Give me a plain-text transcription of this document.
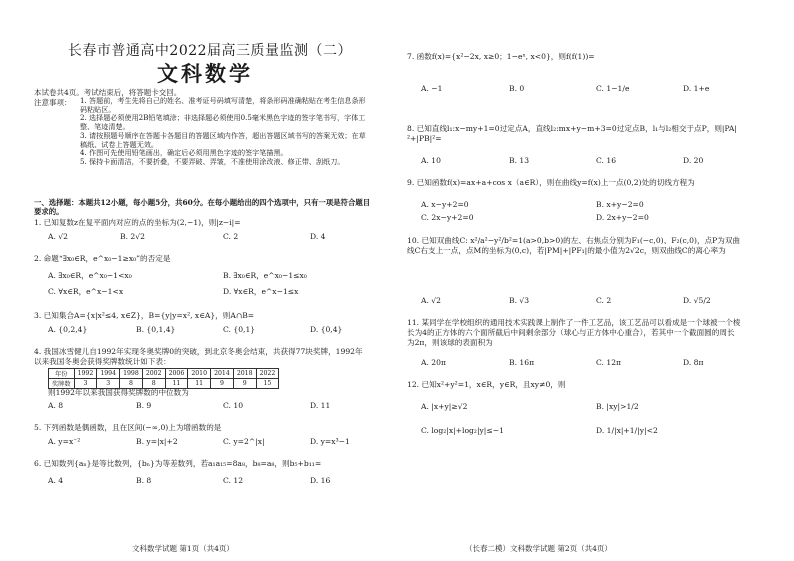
长春市普通高中2022届高三质量监测（二）
文科数学
本试卷共4页。考试结束后，将答题卡交回。
注意事项： 1. 答题前，考生先将自己的姓名、准考证号码填写清楚，将条形码准确粘贴在考生信息条形码粘贴区。

2. 选择题必须使用2B铅笔填涂；非选择题必须使用0.5毫米黑色字迹的签字笔书写，字体工整、笔迹清楚。

3. 请按照题号顺序在答题卡各题目的答题区域内作答，超出答题区域书写的答案无效；在草稿纸、试卷上答题无效。

4. 作图可先使用铅笔画出，确定后必须用黑色字迹的签字笔描黑。

5. 保持卡面清洁，不要折叠，不要弄破、弄皱，不准使用涂改液、修正带、刮纸刀。

一、选择题：本题共12小题，每小题5分，共60分。在每小题给出的四个选项中，只有一项是符合题目要求的。
1. 已知复数z在复平面内对应的点的坐标为(2,−1)，则|z−i|=
A. √2	B. 2√2	C. 2	D. 4
2. 命题“∃x₀∈R，e^x₀−1≥x₀”的否定是
A. ∃x₀∈R，e^x₀−1<x₀	B. ∃x₀∈R，e^x₀−1≤x₀
C. ∀x∈R，e^x−1<x	D. ∀x∈R，e^x−1≤x
3. 已知集合A={x|x²≤4, x∈Z}，B={y|y=x², x∈A}，则A∩B=
A. {0,2,4}	B. {0,1,4}	C. {0,1}	D. {0,4}
4. 我国冰雪健儿自1992年实现冬奥奖牌0的突破，到北京冬奥会结束，共获得77块奖牌，1992年以来我国冬奥会获得奖牌数统计如下表：
年份	1992	1994	1998	2002	2006	2010	2014	2018	2022
奖牌数	3	3	8	8	11	11	9	9	15
则1992年以来我国获得奖牌数的中位数为
A. 8	B. 9	C. 10	D. 11
5. 下列函数是偶函数，且在区间(−∞,0)上为增函数的是
A. y=x⁻²	B. y=|x|+2	C. y=2^|x|	D. y=x³−1
6. 已知数列{aₙ}是等比数列，{bₙ}为等差数列，若a₁a₁₅=8a₈，b₈=a₈，则b₅+b₁₁=
A. 4	B. 8	C. 12	D. 16
文科数学试题 第1页（共4页）
7. 函数f(x)={x²−2x, x≥0；1−eˣ, x<0}，则f(f(1))=
A. −1	B. 0	C. 1−1/e	D. 1+e
8. 已知直线l₁:x−my+1=0过定点A，直线l₂:mx+y−m+3=0过定点B，l₁与l₂相交于点P，则|PA|²+|PB|²=
A. 10	B. 13	C. 16	D. 20
9. 已知函数f(x)=ax+a+cos x（a∈R），则在曲线y=f(x)上一点(0,2)处的切线方程为
A. x−y+2=0	B. x+y−2=0
C. 2x−y+2=0	D. 2x+y−2=0
10. 已知双曲线C: x²/a²−y²/b²=1(a>0,b>0)的左、右焦点分别为F₁(−c,0)、F₂(c,0)，点P为双曲线C右支上一点，点M的坐标为(0,c)，若|PM|+|PF₁|的最小值为2√2c，则双曲线C的离心率为
A. √2	B. √3	C. 2	D. √5/2
11. 某同学在学校组织的通用技术实践课上制作了一件工艺品，该工艺品可以看成是一个球被一个棱长为4的正方体的六个面所截后中间剩余部分（球心与正方体中心重合），若其中一个截面圆的周长为2π，则该球的表面积为
A. 20π	B. 16π	C. 12π	D. 8π
12. 已知x²+y²=1，x∈R，y∈R，且xy≠0，则
A. |x+y|≥√2	B. |xy|>1/2
C. log₂|x|+log₂|y|≤−1	D. 1/|x|+1/|y|<2
（长春二模）文科数学试题 第2页（共4页）
